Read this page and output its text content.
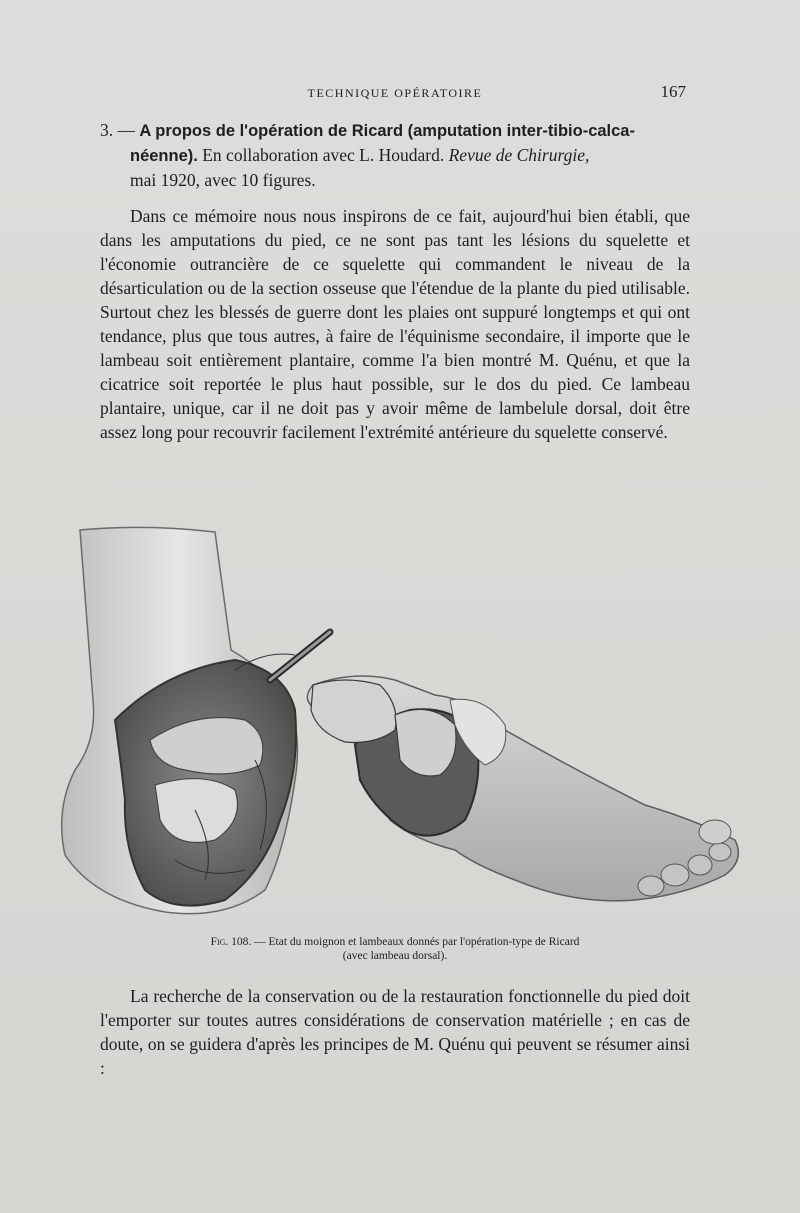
TECHNIQUE OPÉRATOIRE	167
3. — A propos de l'opération de Ricard (amputation inter-tibio-calca-
néenne). En collaboration avec L. Houdard. Revue de Chirurgie,
mai 1920, avec 10 figures.

Dans ce mémoire nous nous inspirons de ce fait, aujourd'hui bien établi, que dans les amputations du pied, ce ne sont pas tant les lésions du squelette et l'économie outrancière de ce squelette qui commandent le niveau de la désarticulation ou de la section osseuse que l'étendue de la plante du pied utilisable. Surtout chez les blessés de guerre dont les plaies ont suppuré longtemps et qui ont tendance, plus que tous autres, à faire de l'équinisme secondaire, il importe que le lambeau soit entièrement plantaire, comme l'a bien montré M. Quénu, et que la cicatrice soit reportée le plus haut possible, sur le dos du pied. Ce lambeau plantaire, unique, car il ne doit pas y avoir même de lambelule dorsal, doit être assez long pour recouvrir facilement l'extrémité antérieure du squelette conservé.

Fig. 108. — Etat du moignon et lambeaux donnés par l'opération-type de Ricard
(avec lambeau dorsal).

La recherche de la conservation ou de la restauration fonctionnelle du pied doit l'emporter sur toutes autres considérations de conservation matérielle ; en cas de doute, on se guidera d'après les principes de M. Quénu qui peuvent se résumer ainsi :
